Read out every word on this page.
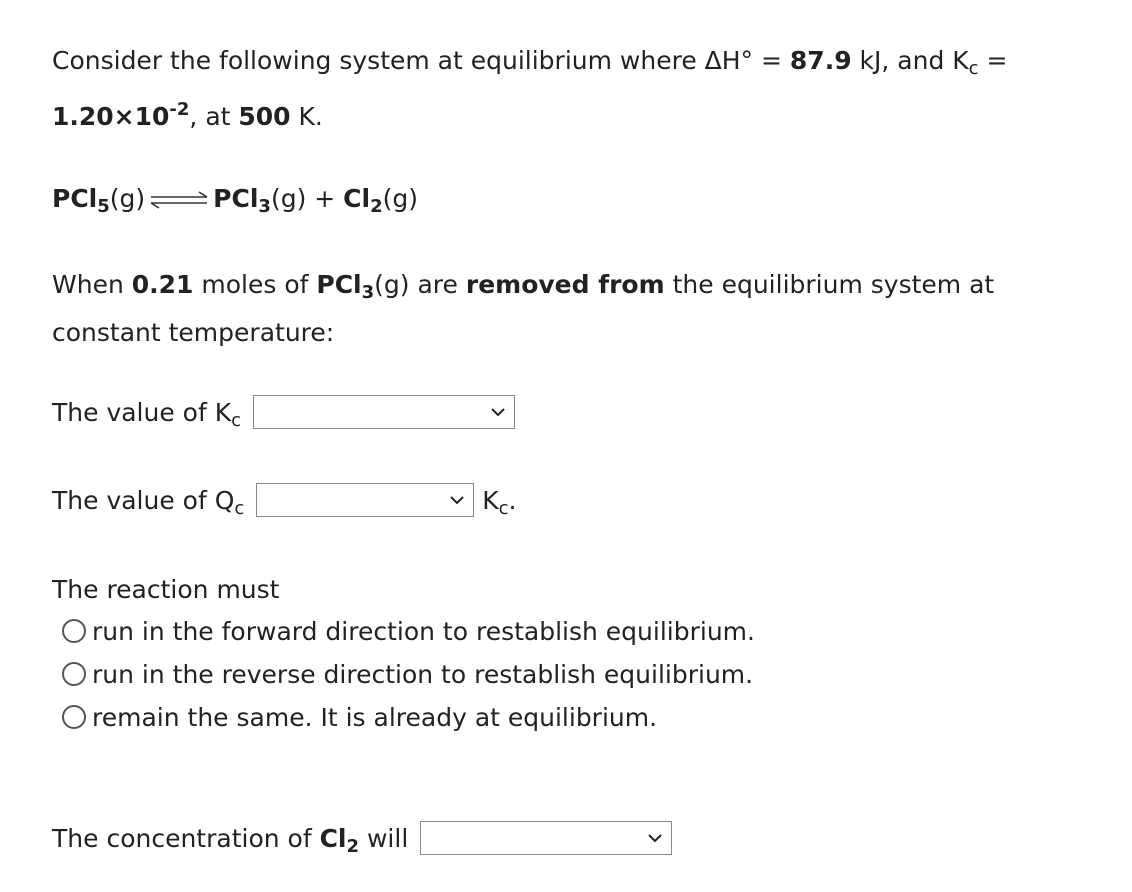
Consider the following system at equilibrium where ΔH° = 87.9 kJ, and $K_c$ =
$1.20\times 10^{-2}$, at 500 K.
PCl$_5$(g) ⇌ $PCl_3(g) + Cl_2(g)$
When 0.21 moles of PCl$_3$(g) are removed from the equilibrium system at
constant temperature:
The value of $K_c$
The value of $Q_c$	$K_c$.
The reaction must
run in the forward direction to restablish equilibrium.
run in the reverse direction to restablish equilibrium.
remain the same. It is already at equilibrium.
The concentration of $Cl_2$ will
